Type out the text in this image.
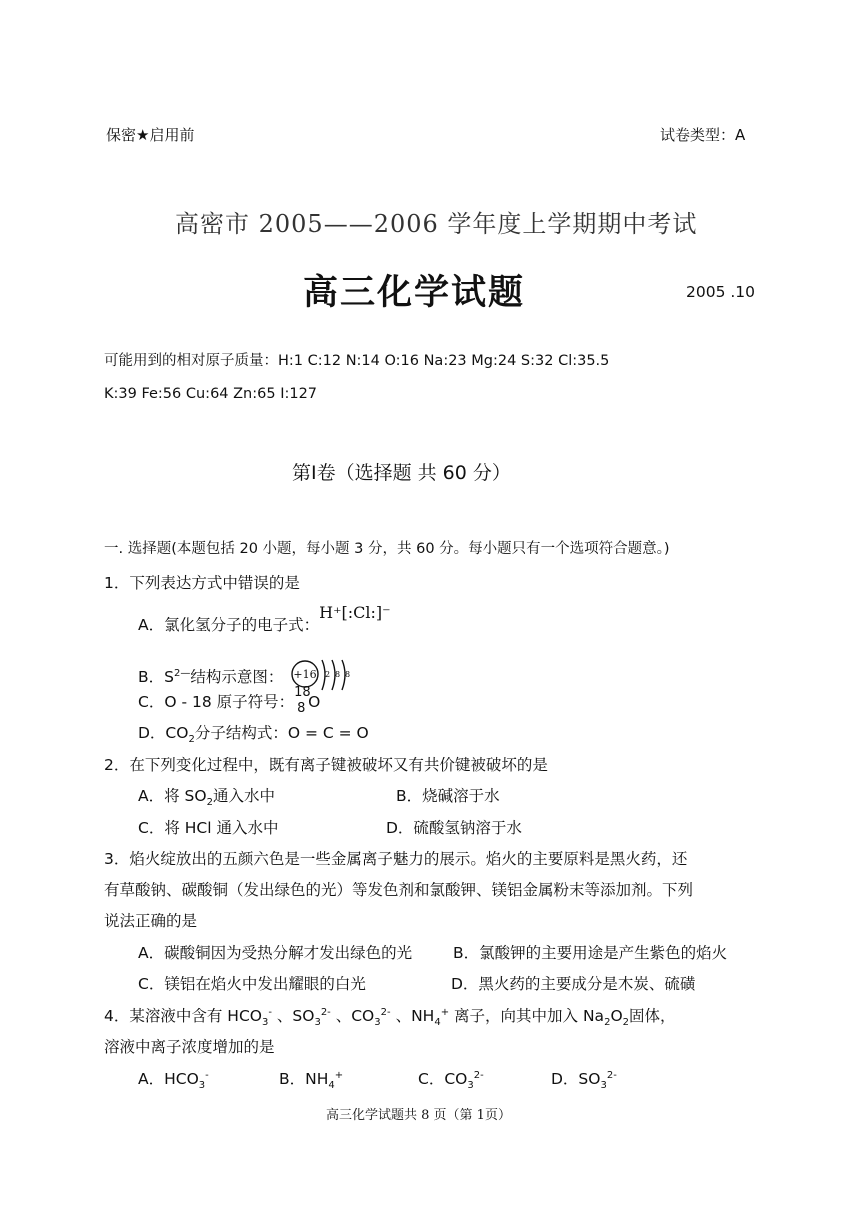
保密★启用前	试卷类型：A
高密市 2005——2006 学年度上学期期中考试
高三化学试题	2005 .10
可能用到的相对原子质量：H:1 C:12 N:14 O:16 Na:23 Mg:24 S:32 Cl:35.5
K:39 Fe:56 Cu:64 Zn:65 I:127
第Ⅰ卷（选择题 共 60 分）
一. 选择题(本题包括 20 小题，每小题 3 分，共 60 分。每小题只有一个选项符合题意。)
1．下列表达方式中错误的是
A．氯化氢分子的电子式：H⁺[:Cl:]⁻
B．$S^{2—}$结构示意图： +16 2 8 8
C．O - 18 原子符号：
18
8 O
D．$CO_2$分子结构式：O = C = O
2．在下列变化过程中，既有离子键被破坏又有共价键被破坏的是
A．将 $SO_2$通入水中	B．烧碱溶于水
C．将 HCl 通入水中	D．硫酸氢钠溶于水
3．焰火绽放出的五颜六色是一些金属离子魅力的展示。焰火的主要原料是黑火药，还
有草酸钠、碳酸铜（发出绿色的光）等发色剂和氯酸钾、镁铝金属粉末等添加剂。下列
说法正确的是
A．碳酸铜因为受热分解才发出绿色的光	B．氯酸钾的主要用途是产生紫色的焰火
C．镁铝在焰火中发出耀眼的白光	D．黑火药的主要成分是木炭、硫磺
4．某溶液中含有 $HCO_3^-$ 、$SO_3^{2-}$ 、$CO_3^{2-}$ 、$NH_4^+$ 离子，向其中加入 $Na_2O_2$固体，
溶液中离子浓度增加的是
A．$HCO_3^-$	B．$NH_4^+$	C．$CO_3^{2-}$	D．$SO_3^{2-}$
高三化学试题共 8 页（第 1页）
